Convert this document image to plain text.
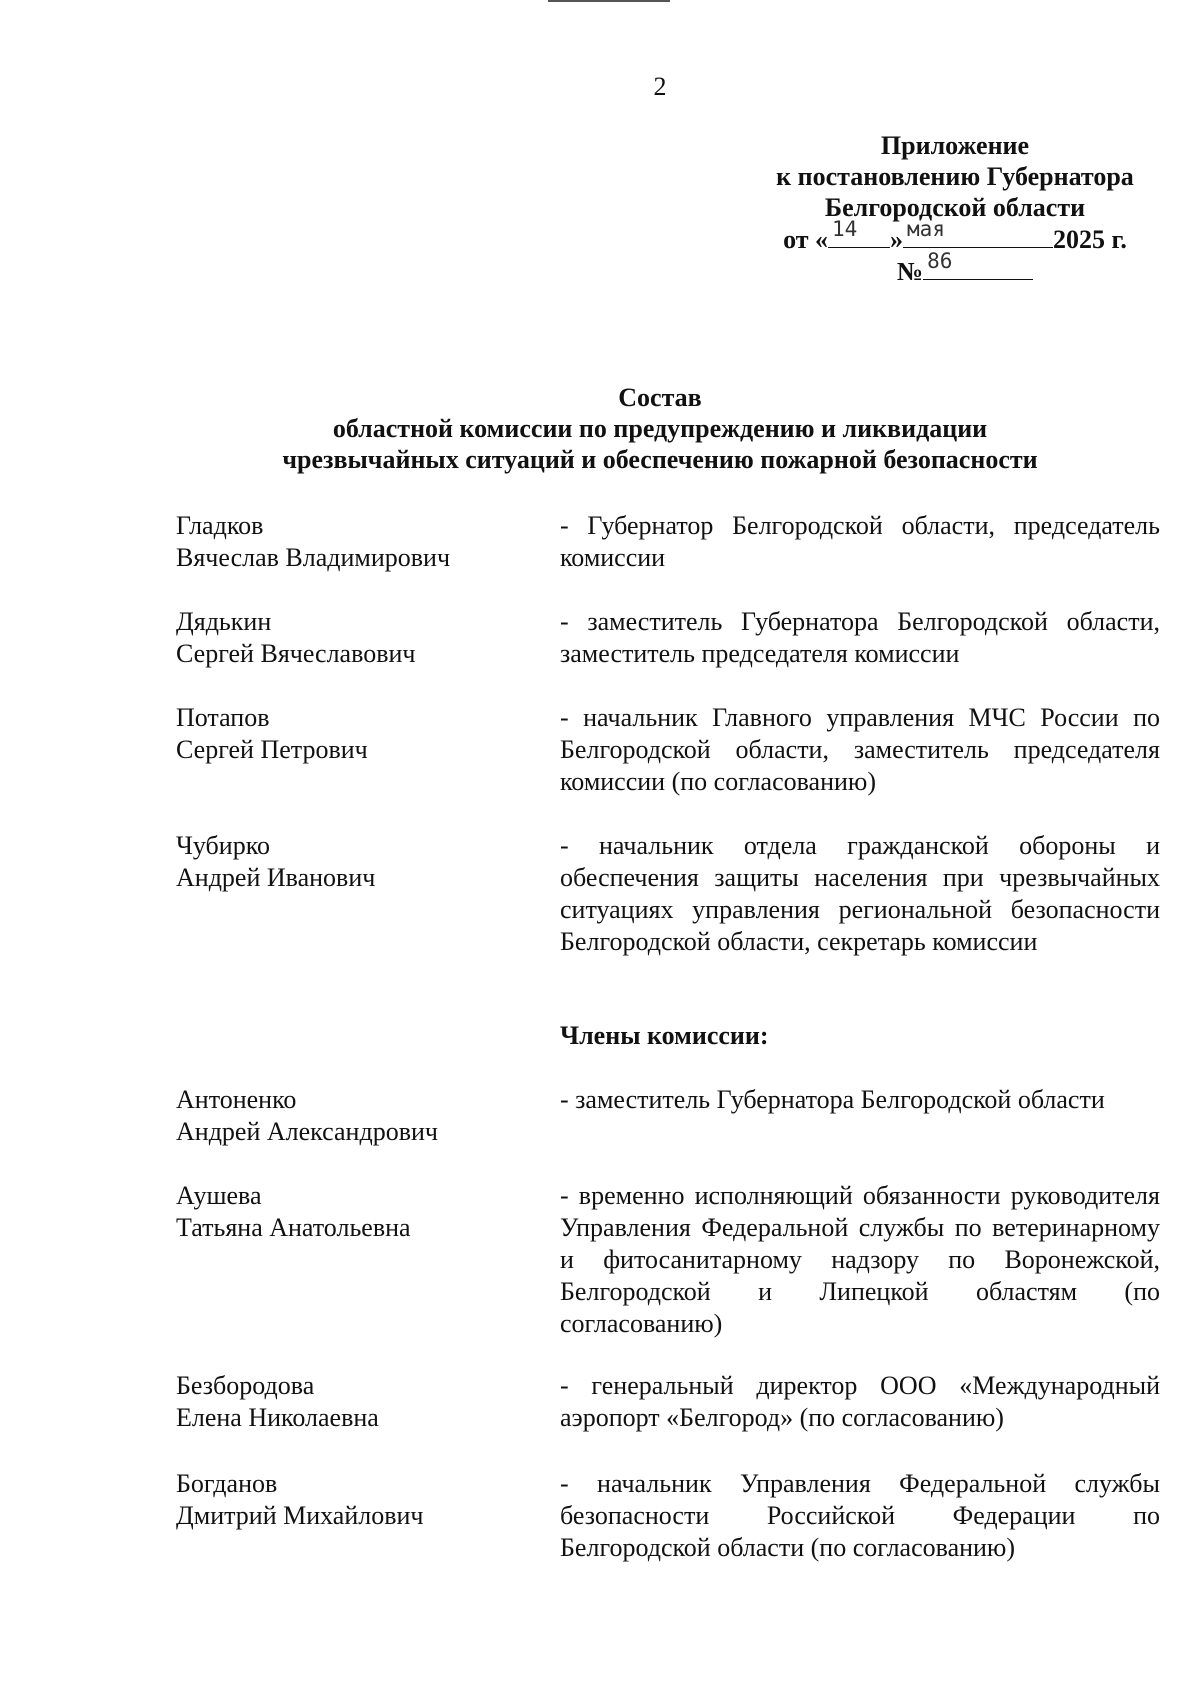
2
Приложение
к постановлению Губернатора
Белгородской области
от « 14 » мая	2025 г.
№ 86
Состав
областной комиссии по предупреждению и ликвидации
чрезвычайных ситуаций и обеспечению пожарной безопасности
Гладков
Вячеслав Владимирович
- Губернатор Белгородской области, председатель комиссии
Дядькин
Сергей Вячеславович
- заместитель Губернатора Белгородской области, заместитель председателя комиссии
Потапов
Сергей Петрович
- начальник Главного управления МЧС России по Белгородской области, заместитель председателя комиссии (по согласованию)
Чубирко
Андрей Иванович
- начальник отдела гражданской обороны и обеспечения защиты населения при чрезвычайных ситуациях управления региональной безопасности Белгородской области, секретарь комиссии
Члены комиссии:
Антоненко
Андрей Александрович
- заместитель Губернатора Белгородской области
Аушева
Татьяна Анатольевна
- временно исполняющий обязанности руководителя Управления Федеральной службы по ветеринарному и фитосанитарному надзору по Воронежской, Белгородской и Липецкой областям (по согласованию)
Безбородова
Елена Николаевна
- генеральный директор ООО «Международный аэропорт «Белгород» (по согласованию)
Богданов
Дмитрий Михайлович
- начальник Управления Федеральной службы безопасности Российской Федерации по Белгородской области (по согласованию)
